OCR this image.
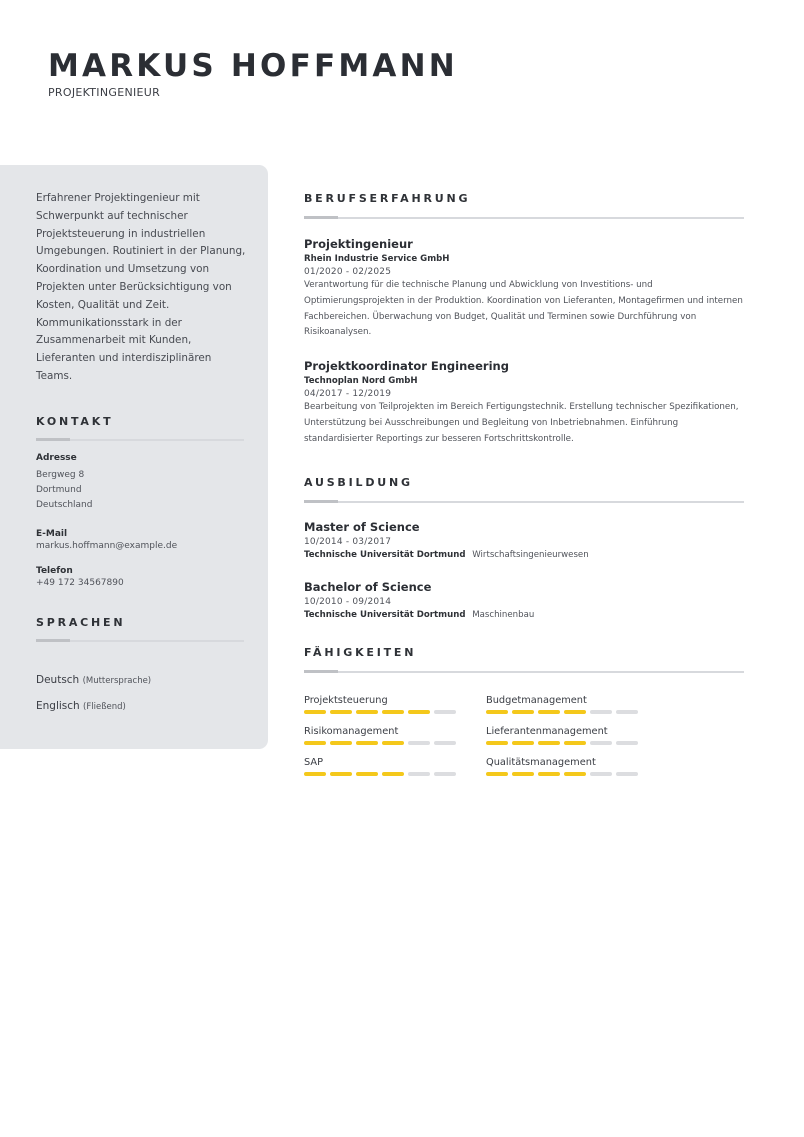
MARKUS HOFFMANN
PROJEKTINGENIEUR

Erfahrener Projektingenieur mit Schwerpunkt auf technischer Projektsteuerung in industriellen Umgebungen. Routiniert in der Planung, Koordination und Umsetzung von Projekten unter Berücksichtigung von Kosten, Qualität und Zeit. Kommunikationsstark in der Zusammenarbeit mit Kunden, Lieferanten und interdisziplinären Teams.

KONTAKT
Adresse
Bergweg 8
Dortmund
Deutschland
E-Mail
markus.hoffmann@example.de
Telefon
+49 172 34567890
SPRACHEN
Deutsch (Muttersprache)
Englisch (Fließend)
BERUFSERFAHRUNG
Projektingenieur
Rhein Industrie Service GmbH
01/2020 - 02/2025

Verantwortung für die technische Planung und Abwicklung von Investitions- und Optimierungsprojekten in der Produktion. Koordination von Lieferanten, Montagefirmen und internen Fachbereichen. Überwachung von Budget, Qualität und Terminen sowie Durchführung von Risikoanalysen.

Projektkoordinator Engineering
Technoplan Nord GmbH
04/2017 - 12/2019

Bearbeitung von Teilprojekten im Bereich Fertigungstechnik. Erstellung technischer Spezifikationen, Unterstützung bei Ausschreibungen und Begleitung von Inbetriebnahmen. Einführung standardisierter Reportings zur besseren Fortschrittskontrolle.

AUSBILDUNG
Master of Science
10/2014 - 03/2017
Technische Universität Dortmund Wirtschaftsingenieurwesen
Bachelor of Science
10/2010 - 09/2014
Technische Universität Dortmund Maschinenbau
FÄHIGKEITEN
Projektsteuerung	Budgetmanagement
Risikomanagement	Lieferantenmanagement
SAP	Qualitätsmanagement
